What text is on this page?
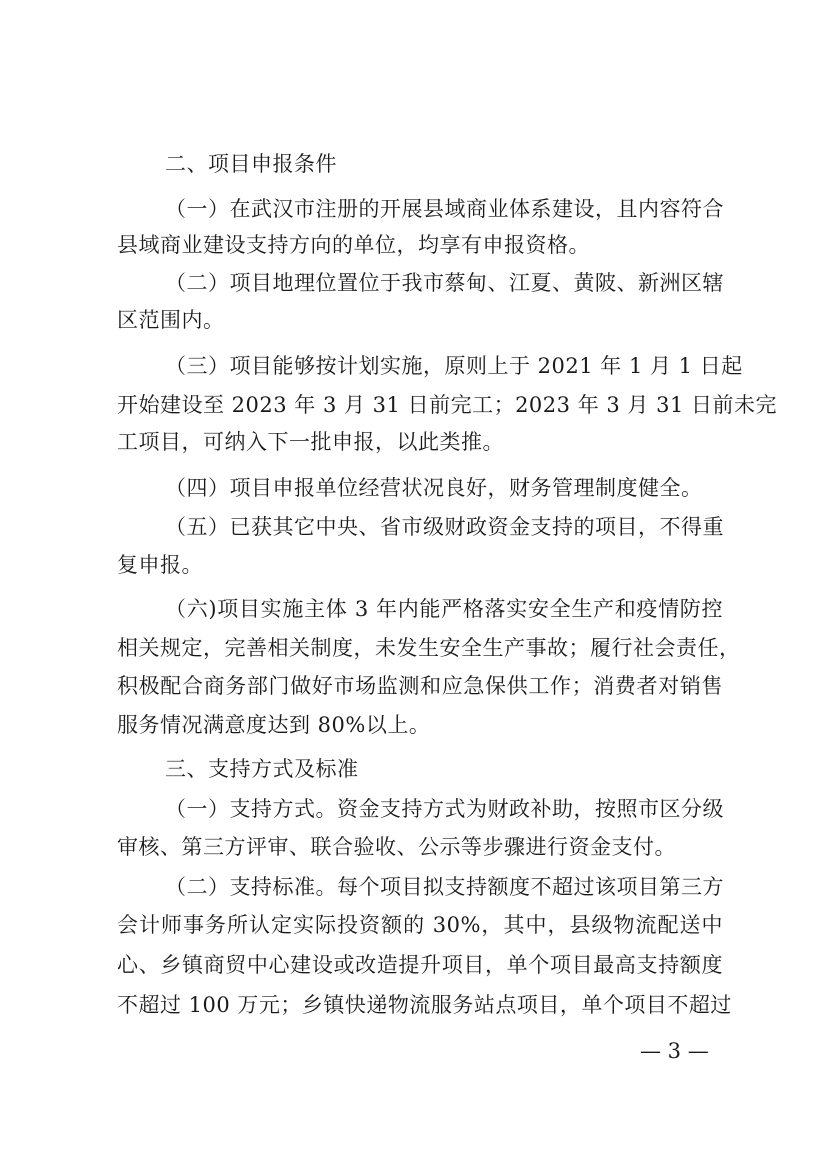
二、项目申报条件
（一）在武汉市注册的开展县域商业体系建设，且内容符合
县域商业建设支持方向的单位，均享有申报资格。
（二）项目地理位置位于我市蔡甸、江夏、黄陂、新洲区辖
区范围内。
（三）项目能够按计划实施，原则上于 2021 年 1 月 1 日起
开始建设至 2023 年 3 月 31 日前完工；2023 年 3 月 31 日前未完
工项目，可纳入下一批申报，以此类推。
（四）项目申报单位经营状况良好，财务管理制度健全。
（五）已获其它中央、省市级财政资金支持的项目，不得重
复申报。
（六)项目实施主体 3 年内能严格落实安全生产和疫情防控
相关规定，完善相关制度，未发生安全生产事故；履行社会责任，
积极配合商务部门做好市场监测和应急保供工作；消费者对销售
服务情况满意度达到 80%以上。
三、支持方式及标准
（一）支持方式。 资金支持方式为财政补助，按照市区分级
审核、第三方评审、联合验收、公示等步骤进行资金支付。
（二）支持标准。 每个项目拟支持额度不超过该项目第三方
会计师事务所认定实际投资额的 30%，其中，县级物流配送中
心、乡镇商贸中心建设或改造提升项目，单个项目最高支持额度
不超过 100 万元；乡镇快递物流服务站点项目，单个项目不超过
— 3 —
